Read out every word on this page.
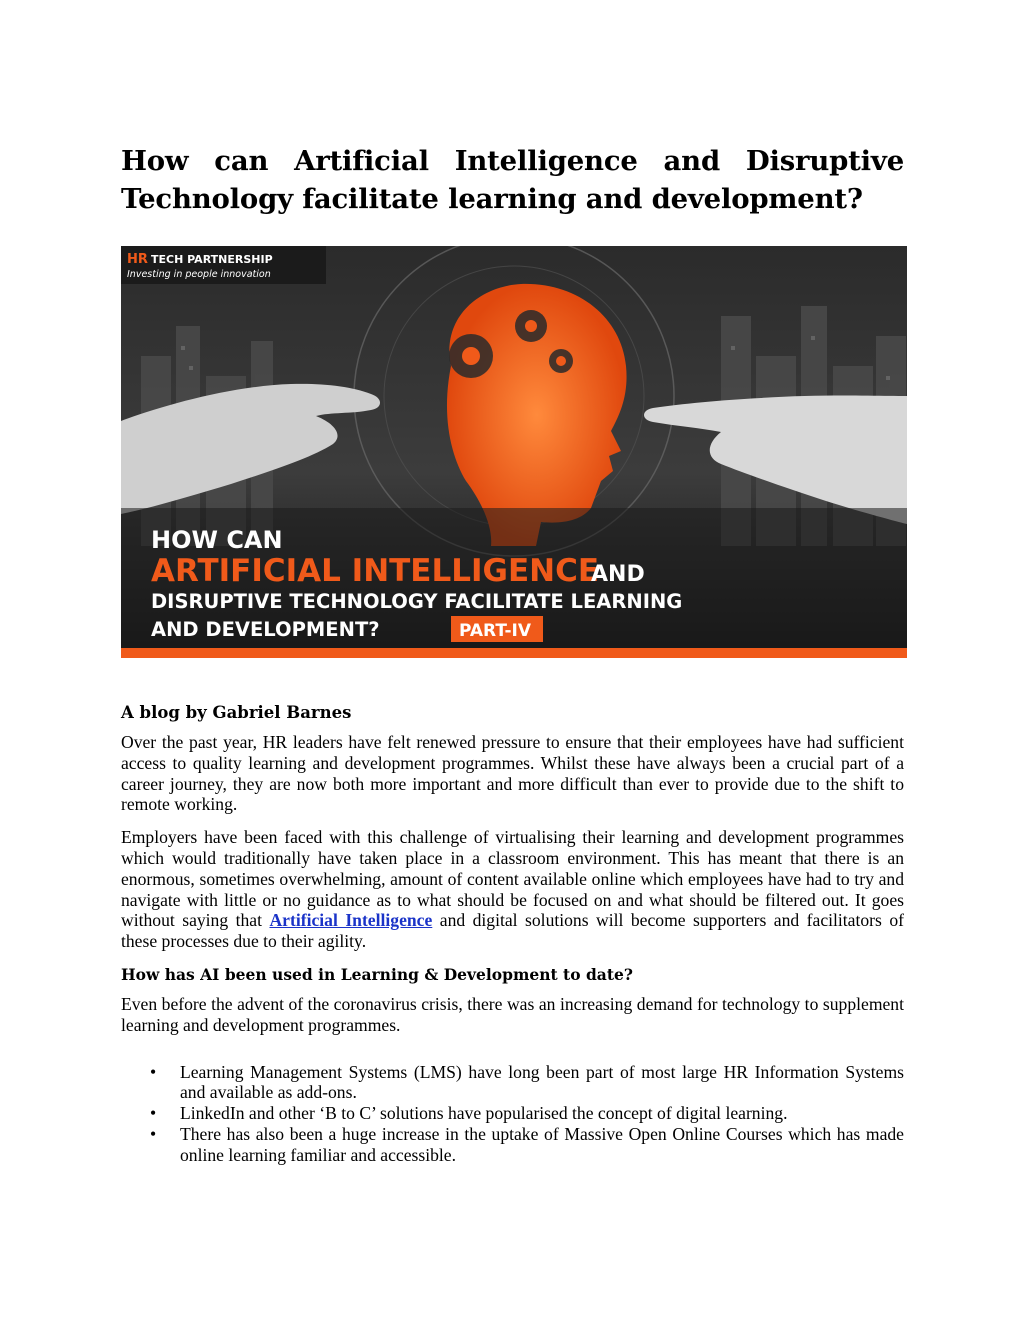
How can Artificial Intelligence and Disruptive Technology facilitate learning and development?
HR TECH PARTNERSHIP
Investing in people innovation
HOW CAN
ARTIFICIAL INTELLIGENCE
AND
DISRUPTIVE TECHNOLOGY FACILITATE LEARNING
AND DEVELOPMENT?	PART-IV
A blog by Gabriel Barnes

Over the past year, HR leaders have felt renewed pressure to ensure that their employees have had sufficient access to quality learning and development programmes. Whilst these have always been a crucial part of a career journey, they are now both more important and more difficult than ever to provide due to the shift to remote working.

Employers have been faced with this challenge of virtualising their learning and development programmes which would traditionally have taken place in a classroom environment. This has meant that there is an enormous, sometimes overwhelming, amount of content available online which employees have had to try and navigate with little or no guidance as to what should be focused on and what should be filtered out. It goes without saying that Artificial Intelligence and digital solutions will become supporters and facilitators of these processes due to their agility.

How has AI been used in Learning & Development to date?

Even before the advent of the coronavirus crisis, there was an increasing demand for technology to supplement learning and development programmes.

• Learning Management Systems (LMS) have long been part of most large HR Information Systems and available as add-ons.
• LinkedIn and other ‘B to C’ solutions have popularised the concept of digital learning.
• There has also been a huge increase in the uptake of Massive Open Online Courses which has made online learning familiar and accessible.
